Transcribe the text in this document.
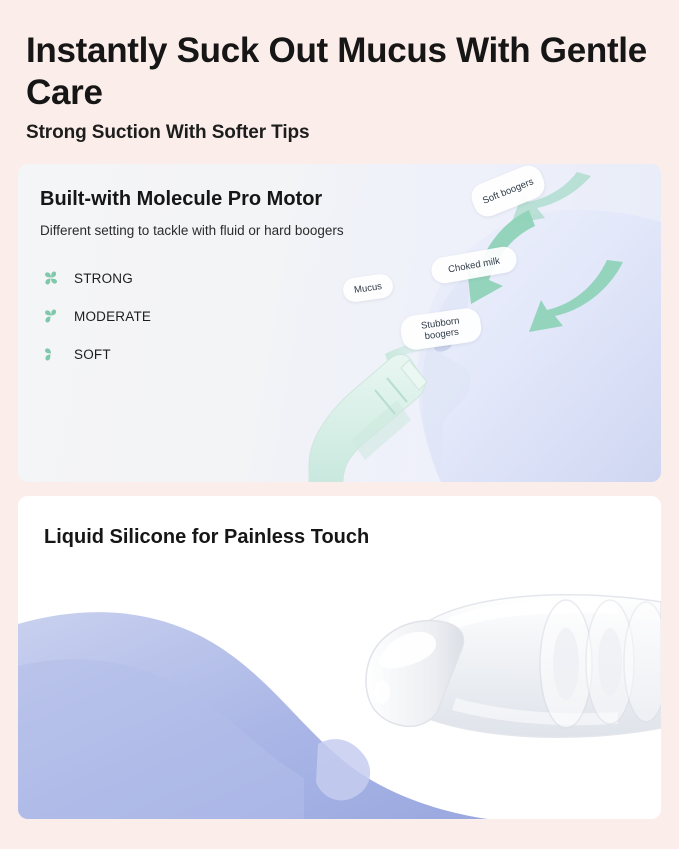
Instantly Suck Out Mucus With Gentle Care
Strong Suction With Softer Tips
Soft boogers
Choked milk
Mucus
Stubborn boogers
Built-with Molecule Pro Motor
Different setting to tackle with fluid or hard boogers
STRONG
MODERATE
SOFT
Liquid Silicone for Painless Touch
